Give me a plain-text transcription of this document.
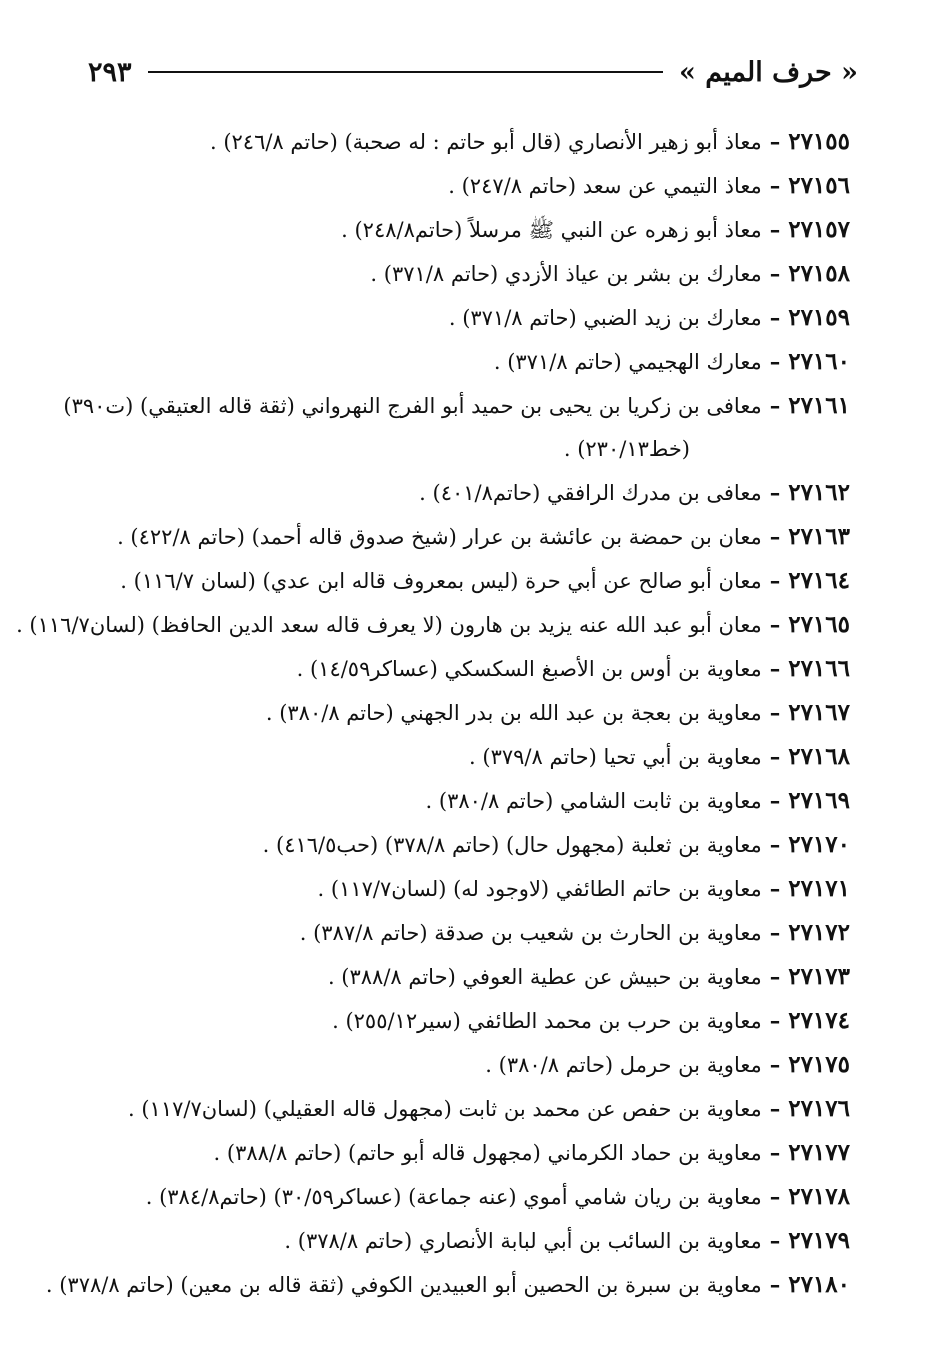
« حرف الميم »
٢٩٣

٢٧١٥٥–معاذ أبو زهير الأنصاري (قال أبو حاتم : له صحبة) (حاتم ٢٤٦/٨) .

٢٧١٥٦–معاذ التيمي عن سعد (حاتم ٢٤٧/٨) .

٢٧١٥٧–معاذ أبو زهره عن النبي ﷺ مرسلاً (حاتم٢٤٨/٨) .

٢٧١٥٨–معارك بن بشر بن عياذ الأزدي (حاتم ٣٧١/٨) .

٢٧١٥٩–معارك بن زيد الضبي (حاتم ٣٧١/٨) .

٢٧١٦٠–معارك الهجيمي (حاتم ٣٧١/٨) .

٢٧١٦١–معافى بن زكريا بن يحيى بن حميد أبو الفرج النهرواني (ثقة قاله العتيقي) (ت٣٩٠)

(خط٢٣٠/١٣) .

٢٧١٦٢–معافى بن مدرك الرافقي (حاتم٤٠١/٨) .

٢٧١٦٣–معان بن حمضة بن عائشة بن عرار (شيخ صدوق قاله أحمد) (حاتم ٤٢٢/٨) .

٢٧١٦٤–معان أبو صالح عن أبي حرة (ليس بمعروف قاله ابن عدي) (لسان ١١٦/٧) .

٢٧١٦٥–معان أبو عبد الله عنه يزيد بن هارون (لا يعرف قاله سعد الدين الحافظ) (لسان١١٦/٧) .

٢٧١٦٦–معاوية بن أوس بن الأصبغ السكسكي (عساكر١٤/٥٩) .

٢٧١٦٧–معاوية بن بعجة بن عبد الله بن بدر الجهني (حاتم ٣٨٠/٨) .

٢٧١٦٨–معاوية بن أبي تحيا (حاتم ٣٧٩/٨) .

٢٧١٦٩–معاوية بن ثابت الشامي (حاتم ٣٨٠/٨) .

٢٧١٧٠–معاوية بن ثعلبة (مجهول حال) (حاتم ٣٧٨/٨) (حب٤١٦/٥) .

٢٧١٧١–معاوية بن حاتم الطائفي (لاوجود له) (لسان١١٧/٧) .

٢٧١٧٢–معاوية بن الحارث بن شعيب بن صدقة (حاتم ٣٨٧/٨) .

٢٧١٧٣–معاوية بن حبيش عن عطية العوفي (حاتم ٣٨٨/٨) .

٢٧١٧٤–معاوية بن حرب بن محمد الطائفي (سير٢٥٥/١٢) .

٢٧١٧٥–معاوية بن حرمل (حاتم ٣٨٠/٨) .

٢٧١٧٦–معاوية بن حفص عن محمد بن ثابت (مجهول قاله العقيلي) (لسان١١٧/٧) .

٢٧١٧٧–معاوية بن حماد الكرماني (مجهول قاله أبو حاتم) (حاتم ٣٨٨/٨) .

٢٧١٧٨–معاوية بن ريان شامي أموي (عنه جماعة) (عساكر٣٠/٥٩) (حاتم٣٨٤/٨) .

٢٧١٧٩–معاوية بن السائب بن أبي لبابة الأنصاري (حاتم ٣٧٨/٨) .

٢٧١٨٠–معاوية بن سبرة بن الحصين أبو العبيدين الكوفي (ثقة قاله بن معين) (حاتم ٣٧٨/٨) .
